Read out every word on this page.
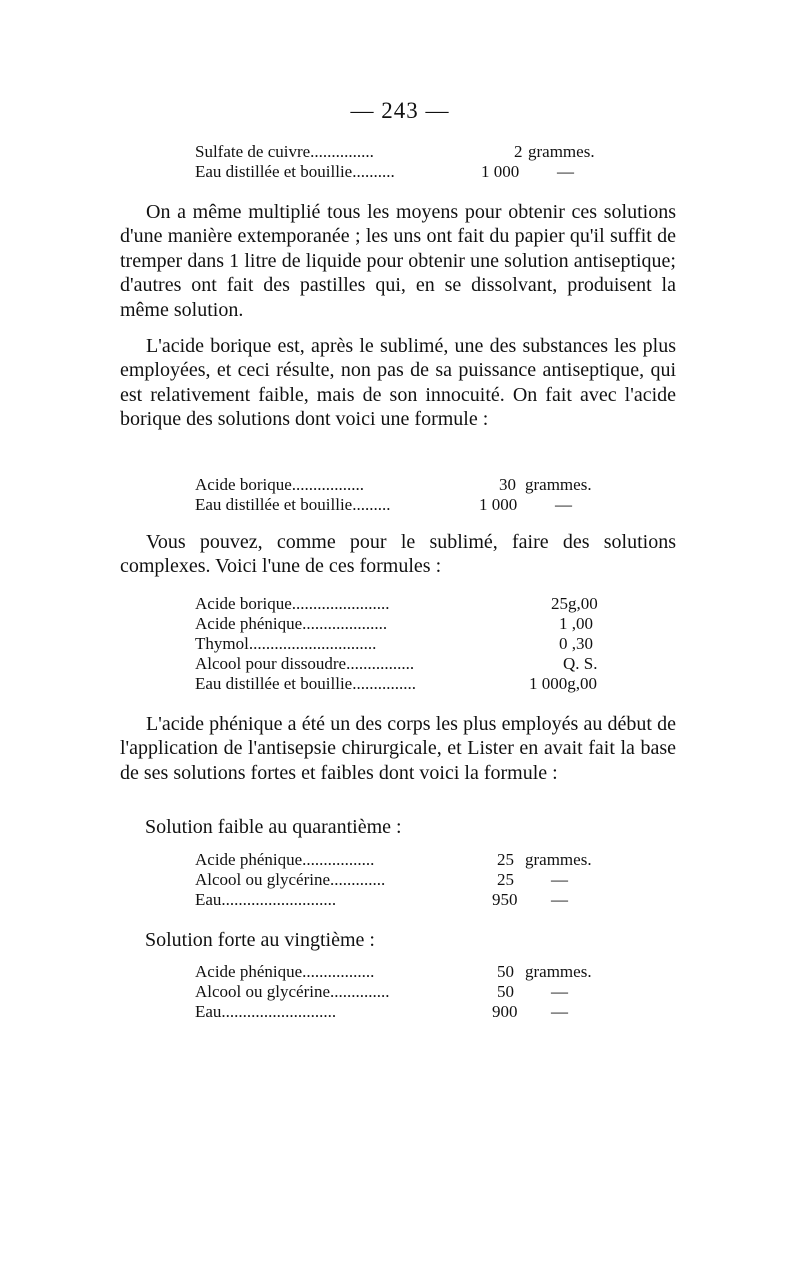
— 243 —
Sulfate de cuivre...............	2 grammes.
Eau distillée et bouillie..........	1 000 —

On a même multiplié tous les moyens pour obtenir ces solutions d'une manière extemporanée ; les uns ont fait du papier qu'il suffit de tremper dans 1 litre de liquide pour obtenir une solution antiseptique; d'autres ont fait des pastilles qui, en se dissolvant, produisent la même solution.

L'acide borique est, après le sublimé, une des substances les plus employées, et ceci résulte, non pas de sa puissance antiseptique, qui est relativement faible, mais de son innocuité. On fait avec l'acide borique des solutions dont voici une formule :

Acide borique.................	30 grammes.
Eau distillée et bouillie.........	1 000 —

Vous pouvez, comme pour le sublimé, faire des solutions complexes. Voici l'une de ces formules :

Acide borique.......................	25g,00
Acide phénique....................	1 ,00
Thymol..............................	0 ,30
Alcool pour dissoudre................	Q. S.
Eau distillée et bouillie...............	1 000g,00

L'acide phénique a été un des corps les plus employés au début de l'application de l'antisepsie chirurgicale, et Lister en avait fait la base de ses solutions fortes et faibles dont voici la formule :

Solution faible au quarantième :

Acide phénique.................	25 grammes.
Alcool ou glycérine.............	25 —
Eau...........................	950 —

Solution forte au vingtième :

Acide phénique.................	50 grammes.
Alcool ou glycérine..............	50 —
Eau...........................	900 —
